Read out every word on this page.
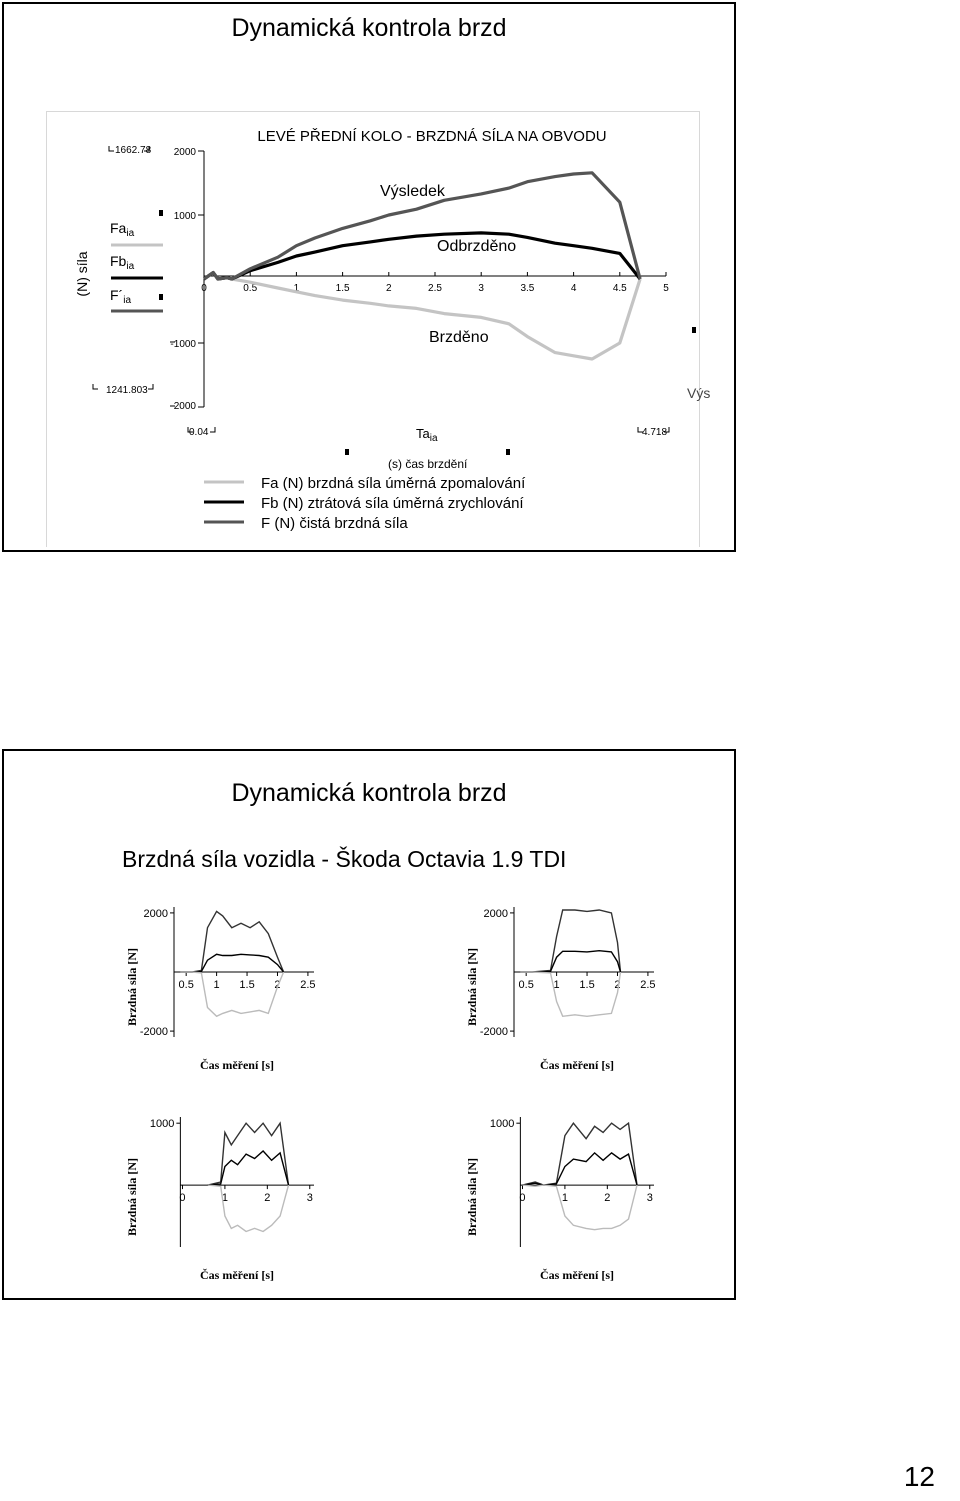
Dynamická kontrola brzd
LEVÉ PŘEDNÍ KOLO - BRZDNÁ SÍLA NA OBVODU
2000
1000
-1000
2000
0	0.5	1	1.5	2	2.5	3	3.5	4	4.5	5
(N) síla
$Fa_{ia}$
$Fb_{ia}$
$F´_{ia}$
1662.78
1241.803
0.04	4.718
$Ta_{ia}$
Výsledek
Odbrzděno
Brzděno
Výs
(s) čas brzdění
Fa (N) brzdná síla úměrná zpomalování
Fb (N) ztrátová síla úměrná zrychlování
F (N) čistá brzdná síla
Dynamická kontrola brzd
Brzdná síla vozidla - Škoda Octavia 1.9 TDI
2000
-2000
0.5 1 1.5 2 2.5
Brzdná síla [N]
Čas měření [s]
2000
-2000
0.5 1 1.5 2 2.5
Brzdná síla [N]
Čas měření [s]
1000
0	1	2	3
Brzdná síla [N]
Čas měření [s]
1000
0	1	2	3
Brzdná síla [N]
Čas měření [s]
12
